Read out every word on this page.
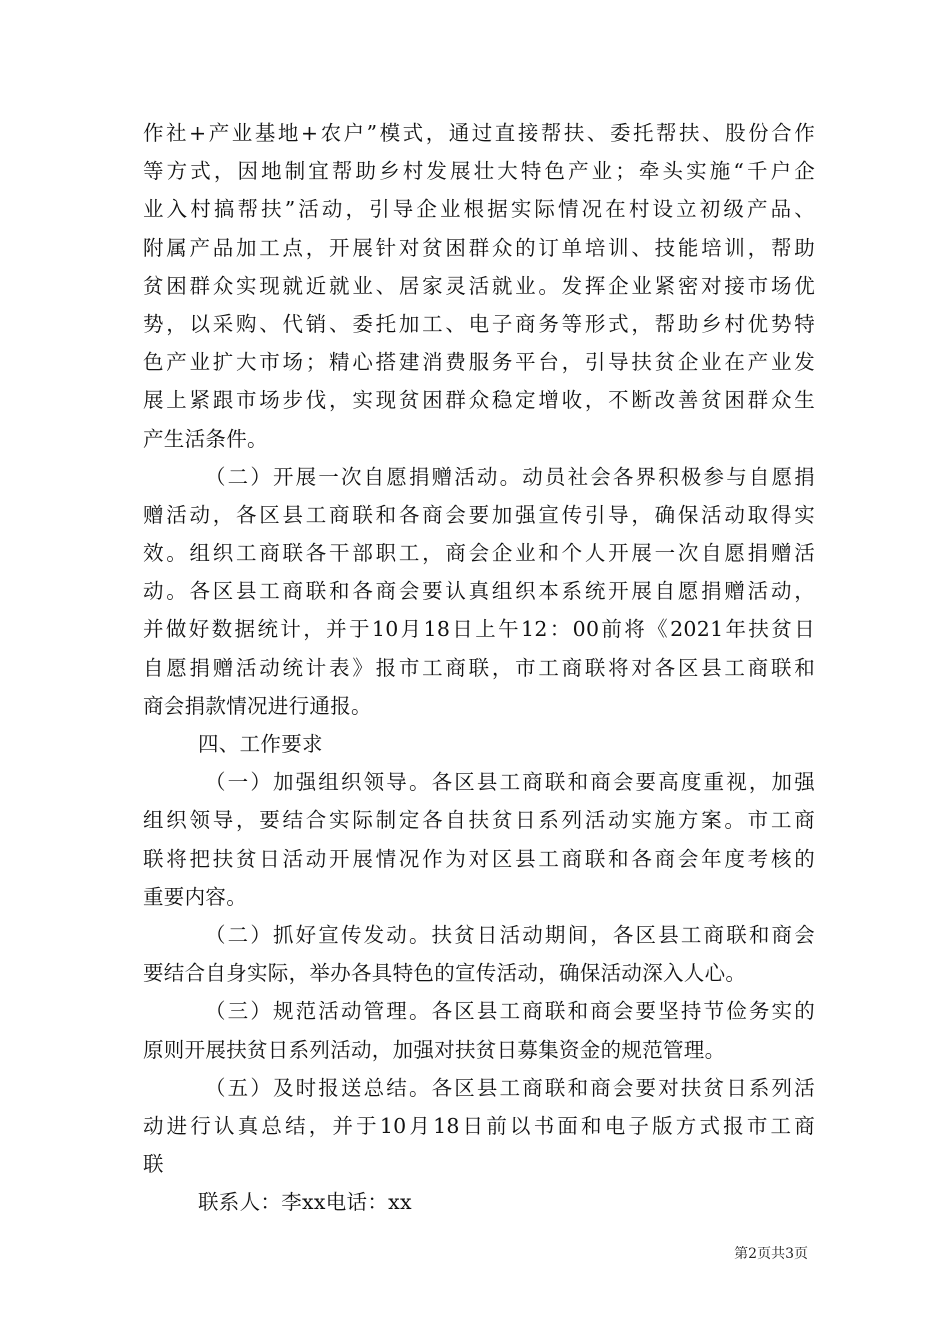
作社+产业基地+农户”模式，通过直接帮扶、委托帮扶、股份合作
等方式，因地制宜帮助乡村发展壮大特色产业；牵头实施“千户企
业入村搞帮扶”活动，引导企业根据实际情况在村设立初级产品、
附属产品加工点，开展针对贫困群众的订单培训、技能培训，帮助
贫困群众实现就近就业、居家灵活就业。发挥企业紧密对接市场优
势，以采购、代销、委托加工、电子商务等形式，帮助乡村优势特
色产业扩大市场；精心搭建消费服务平台，引导扶贫企业在产业发
展上紧跟市场步伐，实现贫困群众稳定增收，不断改善贫困群众生
产生活条件。
（二）开展一次自愿捐赠活动。动员社会各界积极参与自愿捐
赠活动，各区县工商联和各商会要加强宣传引导，确保活动取得实
效。组织工商联各干部职工，商会企业和个人开展一次自愿捐赠活
动。各区县工商联和各商会要认真组织本系统开展自愿捐赠活动，
并做好数据统计，并于10月18日上午12：00前将《2021年扶贫日
自愿捐赠活动统计表》报市工商联，市工商联将对各区县工商联和
商会捐款情况进行通报。
四、工作要求
（一）加强组织领导。各区县工商联和商会要高度重视，加强
组织领导，要结合实际制定各自扶贫日系列活动实施方案。市工商
联将把扶贫日活动开展情况作为对区县工商联和各商会年度考核的
重要内容。
（二）抓好宣传发动。扶贫日活动期间，各区县工商联和商会
要结合自身实际，举办各具特色的宣传活动，确保活动深入人心。
（三）规范活动管理。各区县工商联和商会要坚持节俭务实的
原则开展扶贫日系列活动，加强对扶贫日募集资金的规范管理。
（五）及时报送总结。各区县工商联和商会要对扶贫日系列活
动进行认真总结，并于10月18日前以书面和电子版方式报市工商
联
联系人：李xx电话：xx
第2页共3页
